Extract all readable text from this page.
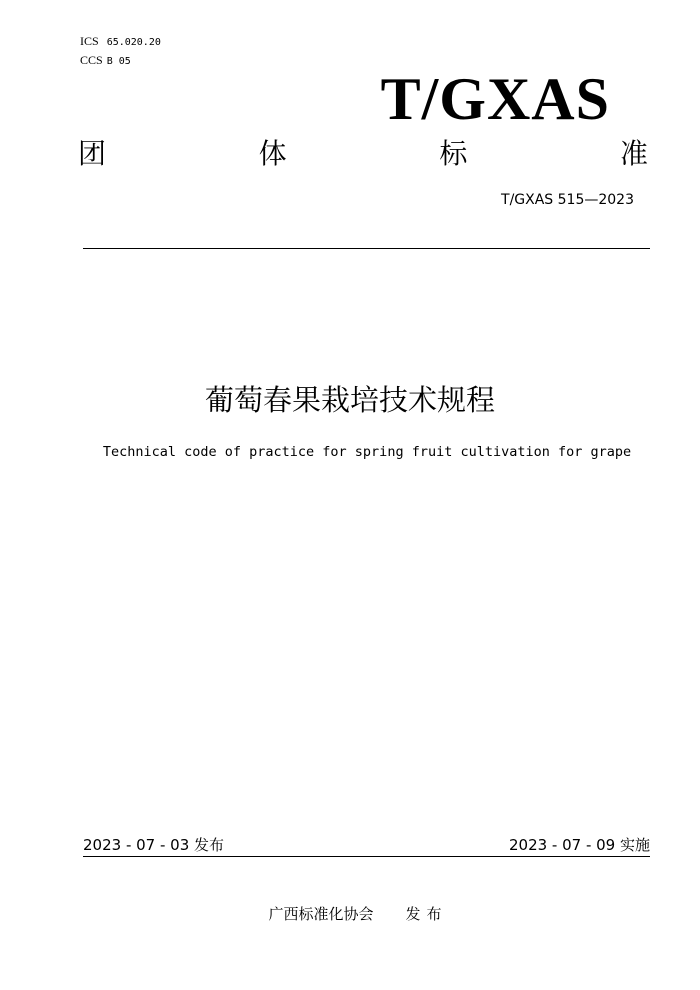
ICS 65.020.20
CCS B 05
T/GXAS
团	体	标	准
T/GXAS 515—2023
葡萄春果栽培技术规程
Technical code of practice for spring fruit cultivation for grape
2023 - 07 - 03 发布	2023 - 07 - 09 实施
广西标准化协会 发布
